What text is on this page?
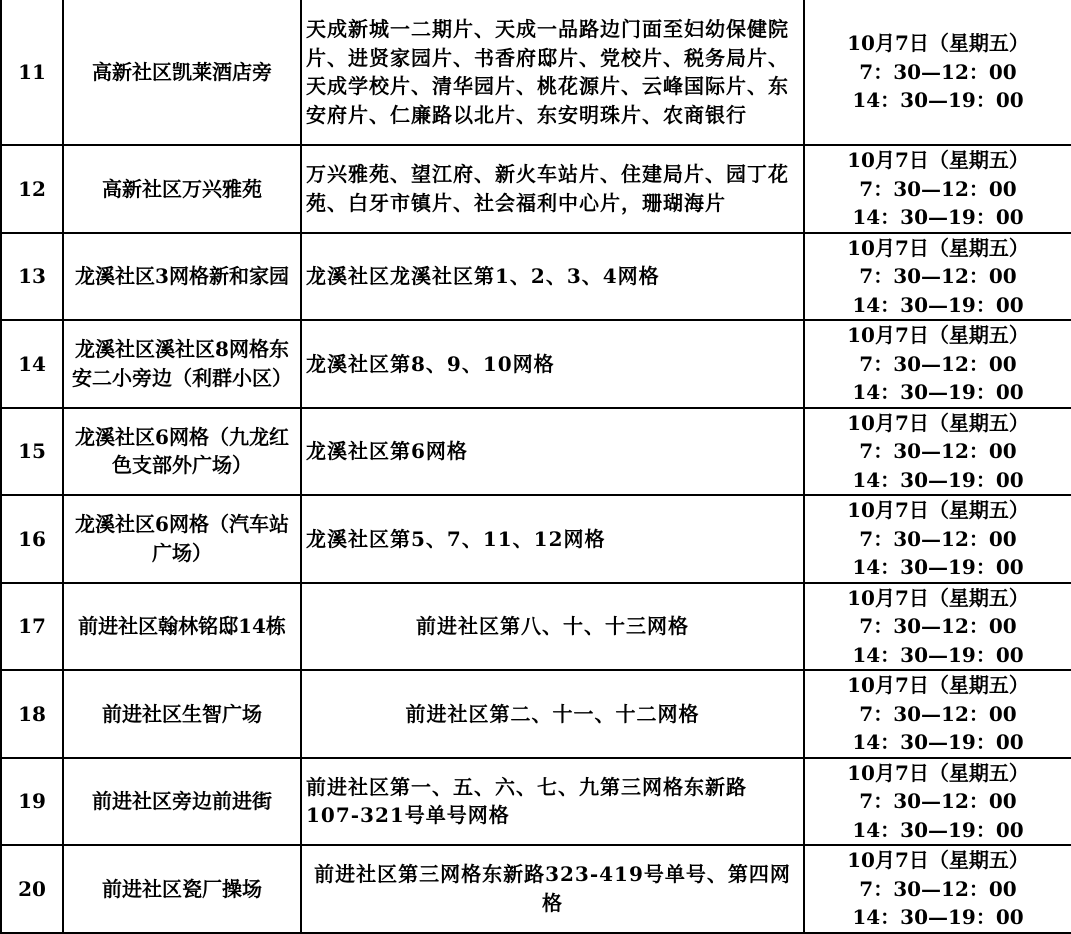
11	高新社区凯莱酒店旁	天成新城一二期片、天成一品路边门面至妇幼保健院片、进贤家园片、书香府邸片、党校片、税务局片、天成学校片、清华园片、桃花源片、云峰国际片、东安府片、仁廉路以北片、东安明珠片、农商银行	10月7日（星期五）
7：30—12：00
14：30—19：00

12	高新社区万兴雅苑	万兴雅苑、望江府、新火车站片、住建局片、园丁花苑、白牙市镇片、社会福利中心片，珊瑚海片	10月7日（星期五）
7：30—12：00
14：30—19：00

13	龙溪社区3网格新和家园	龙溪社区龙溪社区第1、2、3、4网格	10月7日（星期五）
7：30—12：00
14：30—19：00

14	龙溪社区溪社区8网格东安二小旁边（利群小区）	龙溪社区第8、9、10网格	10月7日（星期五）
7：30—12：00
14：30—19：00

15	龙溪社区6网格（九龙红色支部外广场）	龙溪社区第6网格	10月7日（星期五）
7：30—12：00
14：30—19：00

16	龙溪社区6网格（汽车站广场）	龙溪社区第5、7、11、12网格	10月7日（星期五）
7：30—12：00
14：30—19：00

17	前进社区翰林铭邸14栋	前进社区第八、十、十三网格	10月7日（星期五）
7：30—12：00
14：30—19：00

18	前进社区生智广场	前进社区第二、十一、十二网格	10月7日（星期五）
7：30—12：00
14：30—19：00

19	前进社区旁边前进街	前进社区第一、五、六、七、九第三网格东新路107-321号单号网格	10月7日（星期五）
7：30—12：00
14：30—19：00

20	前进社区瓷厂操场	前进社区第三网格东新路323-419号单号、第四网格	10月7日（星期五）
7：30—12：00
14：30—19：00
